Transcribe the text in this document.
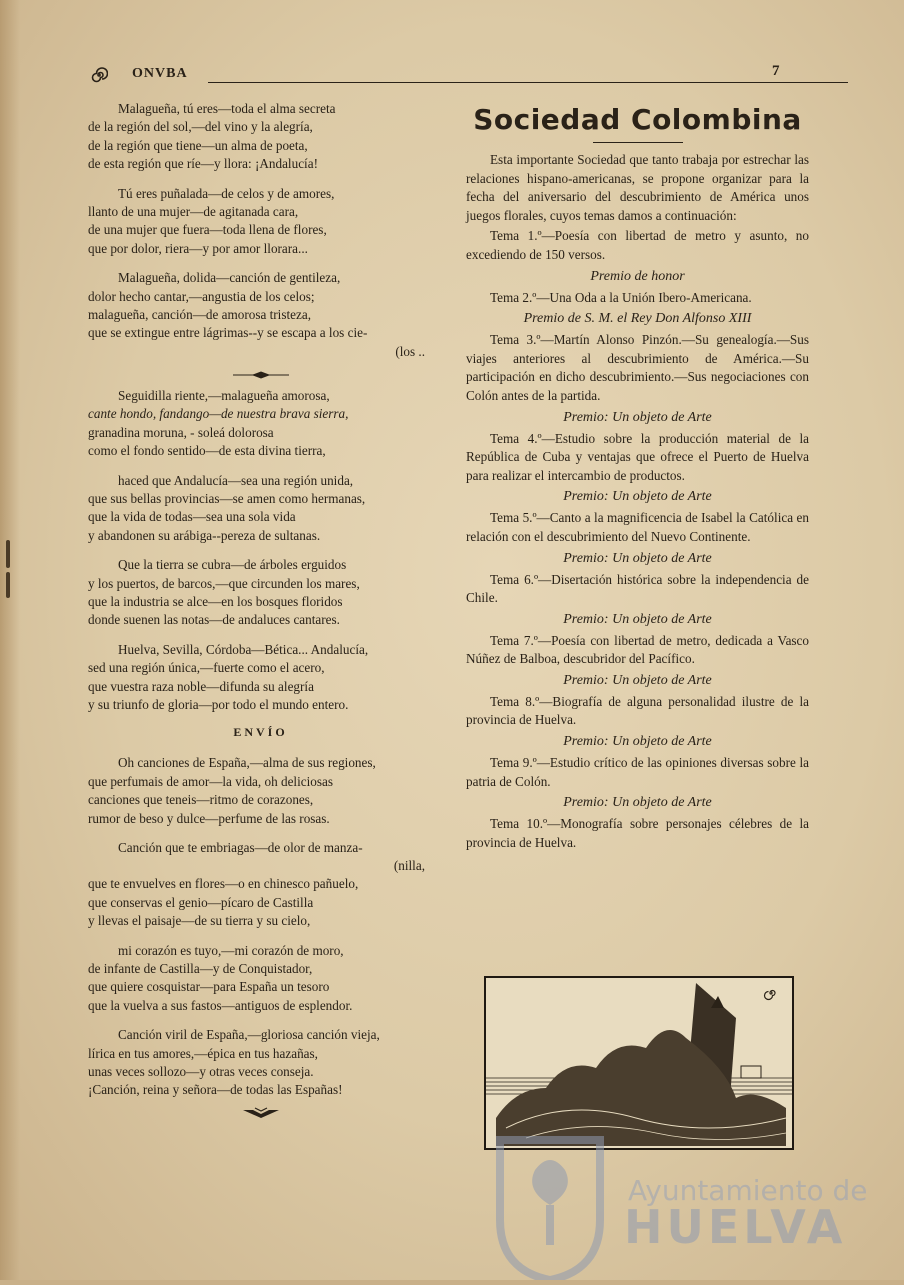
ONVBA	7
Malagueña, tú eres—toda el alma secreta
de la región del sol,—del vino y la alegría,
de la región que tiene—un alma de poeta,
de esta región que ríe—y llora: ¡Andalucía!
Tú eres puñalada—de celos y de amores,
llanto de una mujer—de agitanada cara,
de una mujer que fuera—toda llena de flores,
que por dolor, riera—y por amor llorara...
Malagueña, dolida—canción de gentileza,
dolor hecho cantar,—angustia de los celos;
malagueña, canción—de amorosa tristeza,
que se extingue entre lágrimas--y se escapa a los cie-
(los ..
Seguidilla riente,—malagueña amorosa,
cante hondo, fandango—de nuestra brava sierra,
granadina moruna, - soleá dolorosa
como el fondo sentido—de esta divina tierra,
haced que Andalucía—sea una región unida,
que sus bellas provincias—se amen como hermanas,
que la vida de todas—sea una sola vida
y abandonen su arábiga--pereza de sultanas.
Que la tierra se cubra—de árboles erguidos
y los puertos, de barcos,—que circunden los mares,
que la industria se alce—en los bosques floridos
donde suenen las notas—de andaluces cantares.
Huelva, Sevilla, Córdoba—Bética... Andalucía,
sed una región única,—fuerte como el acero,
que vuestra raza noble—difunda su alegría
y su triunfo de gloria—por todo el mundo entero.
ENVÍO
Oh canciones de España,—alma de sus regiones,
que perfumais de amor—la vida, oh deliciosas
canciones que teneis—ritmo de corazones,
rumor de beso y dulce—perfume de las rosas.
Canción que te embriagas—de olor de manza-
(nilla,
que te envuelves en flores—o en chinesco pañuelo,
que conservas el genio—pícaro de Castilla
y llevas el paisaje—de su tierra y su cielo,
mi corazón es tuyo,—mi corazón de moro,
de infante de Castilla—y de Conquistador,
que quiere cosquistar—para España un tesoro
que la vuelva a sus fastos—antiguos de esplendor.
Canción viril de España,—gloriosa canción vieja,
lírica en tus amores,—épica en tus hazañas,
unas veces sollozo—y otras veces conseja.
¡Canción, reina y señora—de todas las Españas!
Sociedad Colombina

Esta importante Sociedad que tanto trabaja por estrechar las relaciones hispano-americanas, se propone organizar para la fecha del aniversario del descubrimiento de América unos juegos florales, cuyos temas damos a continuación:

Tema 1.º—Poesía con libertad de metro y asunto, no excediendo de 150 versos.

Premio de honor

Tema 2.º—Una Oda a la Unión Ibero-Americana.

Premio de S. M. el Rey Don Alfonso XIII

Tema 3.º—Martín Alonso Pinzón.—Su genealogía.—Sus viajes anteriores al descubrimiento de América.—Su participación en dicho descubrimiento.—Sus negociaciones con Colón antes de la partida.

Premio: Un objeto de Arte

Tema 4.º—Estudio sobre la producción material de la República de Cuba y ventajas que ofrece el Puerto de Huelva para realizar el intercambio de productos.

Premio: Un objeto de Arte

Tema 5.º—Canto a la magnificencia de Isabel la Católica en relación con el descubrimiento del Nuevo Continente.

Premio: Un objeto de Arte

Tema 6.º—Disertación histórica sobre la independencia de Chile.

Premio: Un objeto de Arte

Tema 7.º—Poesía con libertad de metro, dedicada a Vasco Núñez de Balboa, descubridor del Pacífico.

Premio: Un objeto de Arte

Tema 8.º—Biografía de alguna personalidad ilustre de la provincia de Huelva.

Premio: Un objeto de Arte

Tema 9.º—Estudio crítico de las opiniones diversas sobre la patria de Colón.

Premio: Un objeto de Arte

Tema 10.º—Monografía sobre personajes célebres de la provincia de Huelva.

Ayuntamiento de
HUELVA
